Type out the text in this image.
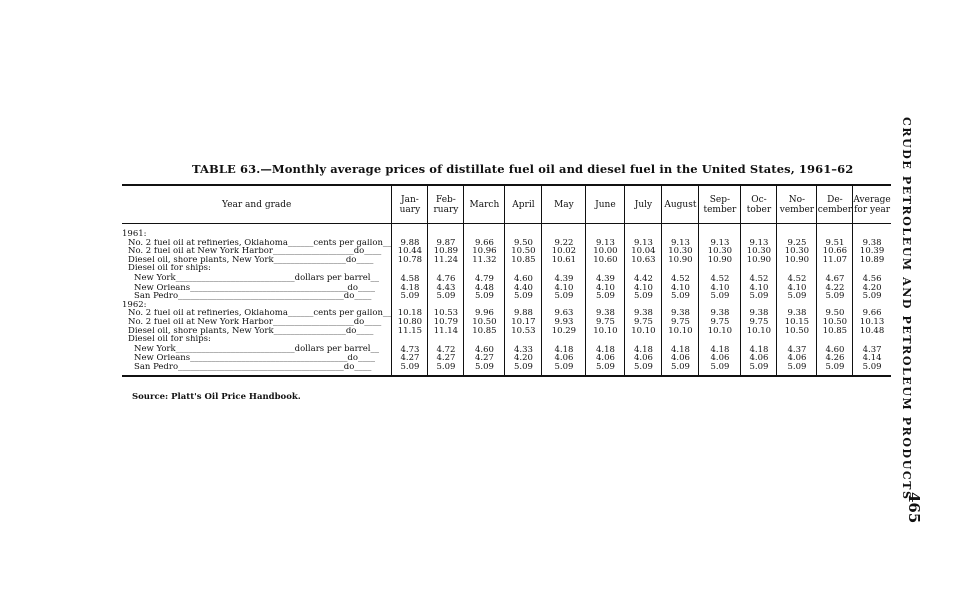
TABLE 63.—Monthly average prices of distillate fuel oil and diesel fuel in the United States, 1961–62
Year and grade	Jan- uary	Feb- ruary	March	April	May	June	July	August	Sep- tember	Oc- tober	No- vember	De- cember	Average for year
1961:													
No. 2 fuel oil at refineries, Oklahoma______cents per gallon__	9.88	9.87	9.66	9.50	9.22	9.13	9.13	9.13	9.13	9.13	9.25	9.51	9.38
No. 2 fuel oil at New York Harbor___________________do____	10.44	10.89	10.96	10.50	10.02	10.00	10.04	10.30	10.30	10.30	10.30	10.66	10.39
Diesel oil, shore plants, New York_________________do____	10.78	11.24	11.32	10.85	10.61	10.60	10.63	10.90	10.90	10.90	10.90	11.07	10.89
Diesel oil for ships:													
New York____________________________dollars per barrel__	4.58	4.76	4.79	4.60	4.39	4.39	4.42	4.52	4.52	4.52	4.52	4.67	4.56
New Orleans_____________________________________do____	4.18	4.43	4.48	4.40	4.10	4.10	4.10	4.10	4.10	4.10	4.10	4.22	4.20
San Pedro_______________________________________do____	5.09	5.09	5.09	5.09	5.09	5.09	5.09	5.09	5.09	5.09	5.09	5.09	5.09
1962:													
No. 2 fuel oil at refineries, Oklahoma______cents per gallon__	10.18	10.53	9.96	9.88	9.63	9.38	9.38	9.38	9.38	9.38	9.38	9.50	9.66
No. 2 fuel oil at New York Harbor___________________do____	10.80	10.79	10.50	10.17	9.93	9.75	9.75	9.75	9.75	9.75	10.15	10.50	10.13
Diesel oil, shore plants, New York_________________do____	11.15	11.14	10.85	10.53	10.29	10.10	10.10	10.10	10.10	10.10	10.50	10.85	10.48
Diesel oil for ships:													
New York____________________________dollars per barrel__	4.73	4.72	4.60	4.33	4.18	4.18	4.18	4.18	4.18	4.18	4.37	4.60	4.37
New Orleans_____________________________________do____	4.27	4.27	4.27	4.20	4.06	4.06	4.06	4.06	4.06	4.06	4.06	4.26	4.14
San Pedro_______________________________________do____	5.09	5.09	5.09	5.09	5.09	5.09	5.09	5.09	5.09	5.09	5.09	5.09	5.09
Source: Platt's Oil Price Handbook.	CRUDE PETROLEUM AND PETROLEUM PRODUCTS
465
